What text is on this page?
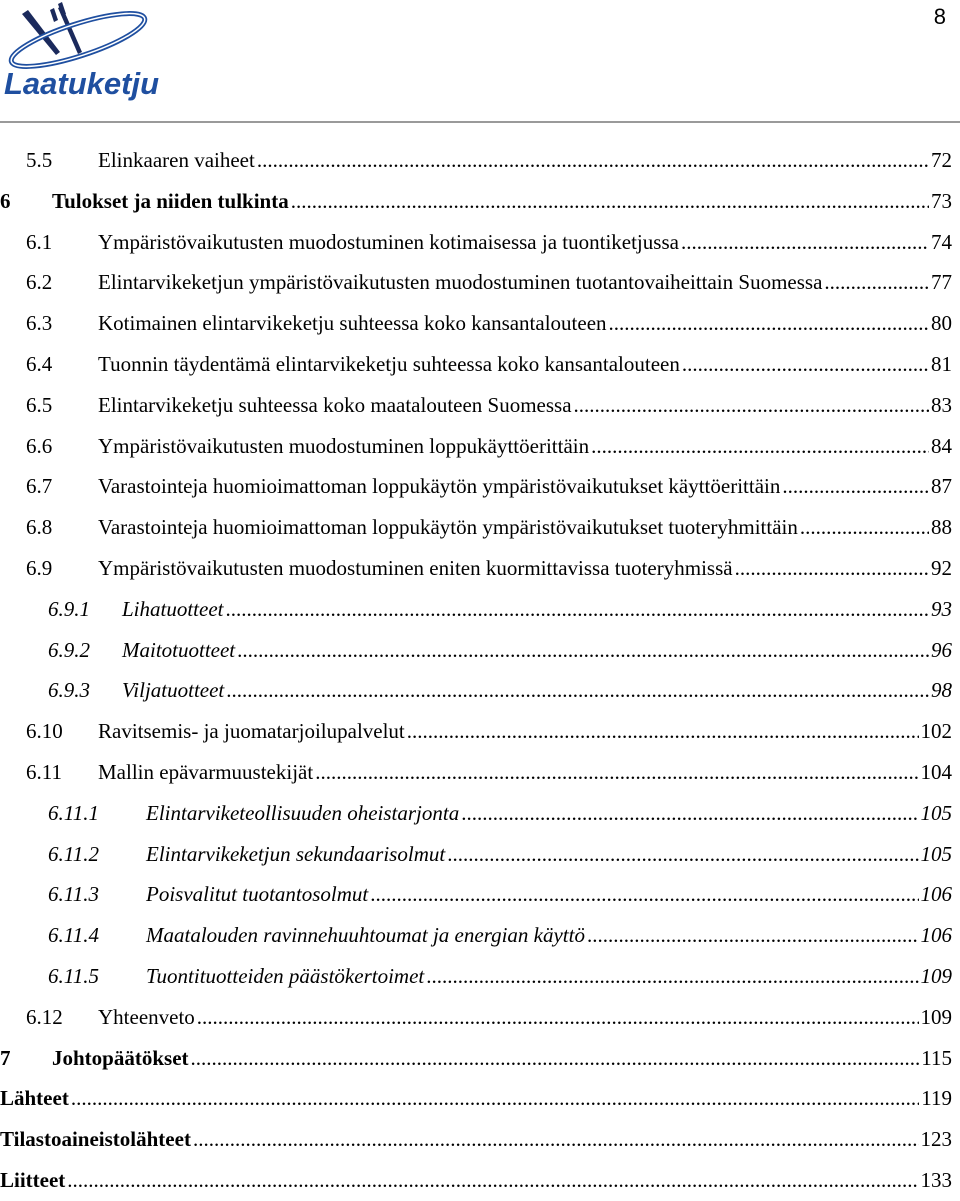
Laatuketju
8
5.5	Elinkaaren vaiheet .....	72
6	Tulokset ja niiden tulkinta .....	73
6.1	Ympäristövaikutusten muodostuminen kotimaisessa ja tuontiketjussa .....	74
6.2	Elintarvikeketjun ympäristövaikutusten muodostuminen tuotantovaiheittain Suomessa .....	77
6.3	Kotimainen elintarvikeketju suhteessa koko kansantalouteen .....	80
6.4	Tuonnin täydentämä elintarvikeketju suhteessa koko kansantalouteen .....	81
6.5	Elintarvikeketju suhteessa koko maatalouteen Suomessa .....	83
6.6	Ympäristövaikutusten muodostuminen loppukäyttöerittäin .....	84
6.7	Varastointeja huomioimattoman loppukäytön ympäristövaikutukset käyttöerittäin .....	87
6.8	Varastointeja huomioimattoman loppukäytön ympäristövaikutukset tuoteryhmittäin .....	88
6.9	Ympäristövaikutusten muodostuminen eniten kuormittavissa tuoteryhmissä .....	92
6.9.1	Lihatuotteet .....	93
6.9.2	Maitotuotteet .....	96
6.9.3	Viljatuotteet .....	98
6.10	Ravitsemis- ja juomatarjoilupalvelut .....	102
6.11	Mallin epävarmuustekijät .....	104
6.11.1	Elintarviketeollisuuden oheistarjonta .....	105
6.11.2	Elintarvikeketjun sekundaarisolmut .....	105
6.11.3	Poisvalitut tuotantosolmut .....	106
6.11.4	Maatalouden ravinnehuuhtoumat ja energian käyttö .....	106
6.11.5	Tuontituotteiden päästökertoimet .....	109
6.12	Yhteenveto .....	109
7	Johtopäätökset .....	115
Lähteet .....	119
Tilastoaineistolähteet .....	123
Liitteet .....	133
